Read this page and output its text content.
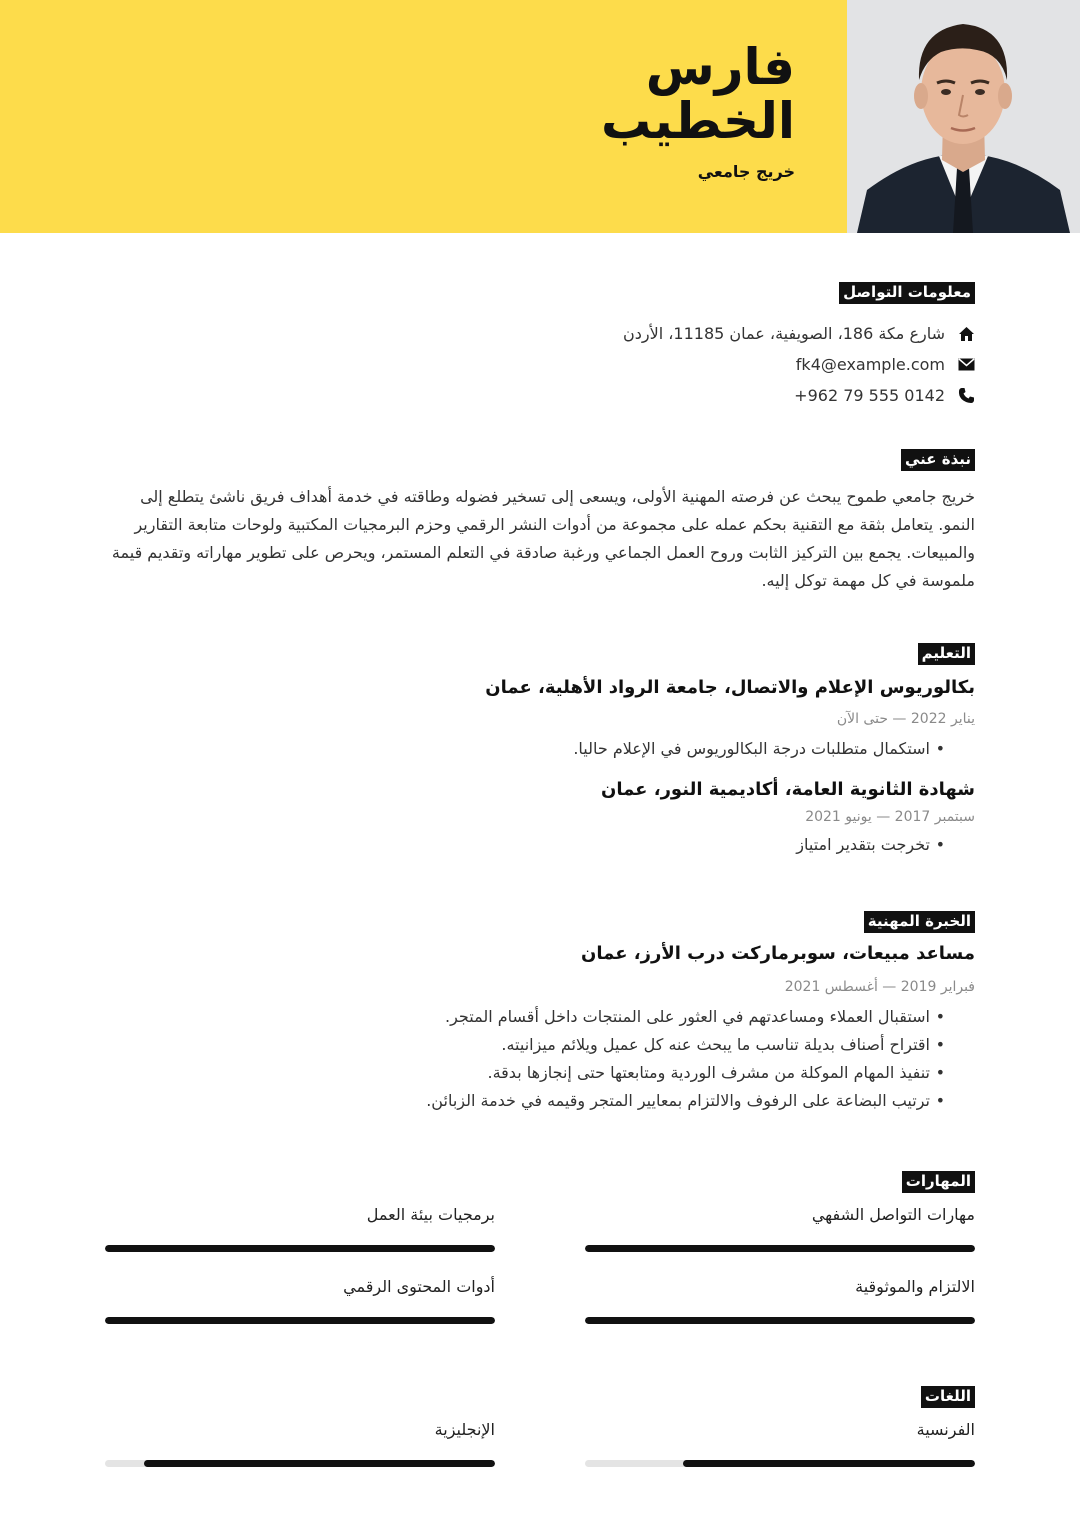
فارس
الخطيب
خريج جامعي
معلومات التواصل
شارع مكة 186، الصويفية، عمان 11185، الأردن
fk4@example.com
+962 79 555 0142
نبذة عني

خريج جامعي طموح يبحث عن فرصته المهنية الأولى، ويسعى إلى تسخير فضوله وطاقته في خدمة أهداف فريق ناشئ يتطلع إلى النمو. يتعامل بثقة مع التقنية بحكم عمله على مجموعة من أدوات النشر الرقمي وحزم البرمجيات المكتبية ولوحات متابعة التقارير والمبيعات. يجمع بين التركيز الثابت وروح العمل الجماعي ورغبة صادقة في التعلم المستمر، ويحرص على تطوير مهاراته وتقديم قيمة ملموسة في كل مهمة توكل إليه.

التعليم
بكالوريوس الإعلام والاتصال، جامعة الرواد الأهلية، عمان
يناير 2022 — حتى الآن
• استكمال متطلبات درجة البكالوريوس في الإعلام حاليا.
شهادة الثانوية العامة، أكاديمية النور، عمان
سبتمبر 2017 — يونيو 2021
• تخرجت بتقدير امتياز
الخبرة المهنية
مساعد مبيعات، سوبرماركت درب الأرز، عمان
فبراير 2019 — أغسطس 2021
• استقبال العملاء ومساعدتهم في العثور على المنتجات داخل أقسام المتجر.
• اقتراح أصناف بديلة تناسب ما يبحث عنه كل عميل ويلائم ميزانيته.
• تنفيذ المهام الموكلة من مشرف الوردية ومتابعتها حتى إنجازها بدقة.
• ترتيب البضاعة على الرفوف والالتزام بمعايير المتجر وقيمه في خدمة الزبائن.
المهارات
مهارات التواصل الشفهي
برمجيات بيئة العمل
الالتزام والموثوقية
أدوات المحتوى الرقمي
اللغات
الفرنسية
الإنجليزية
